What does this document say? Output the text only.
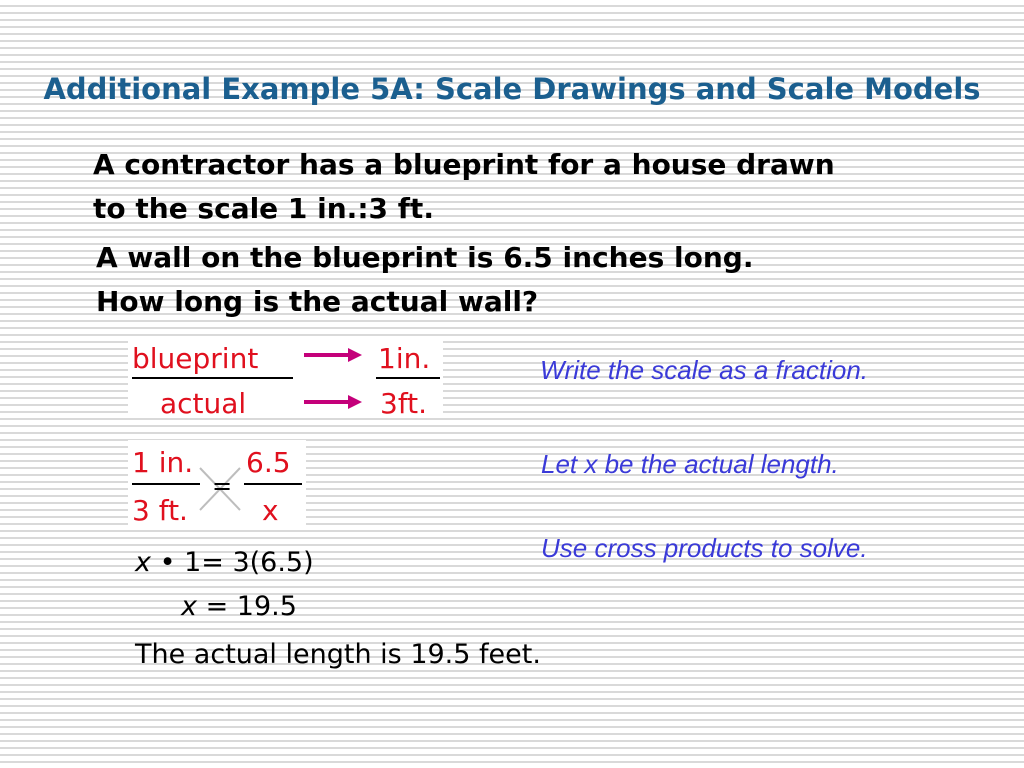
Additional Example 5A: Scale Drawings and Scale Models
A contractor has a blueprint for a house drawn
to the scale 1 in.:3 ft.
A wall on the blueprint is 6.5 inches long.
How long is the actual wall?
blueprint
actual
1in.
3ft.
1 in.
3 ft.
=
6.5
x

Write the scale as a fraction.

Let x be the actual length.

Use cross products to solve.

x • 1= 3(6.5)

x = 19.5

The actual length is 19.5 feet.
